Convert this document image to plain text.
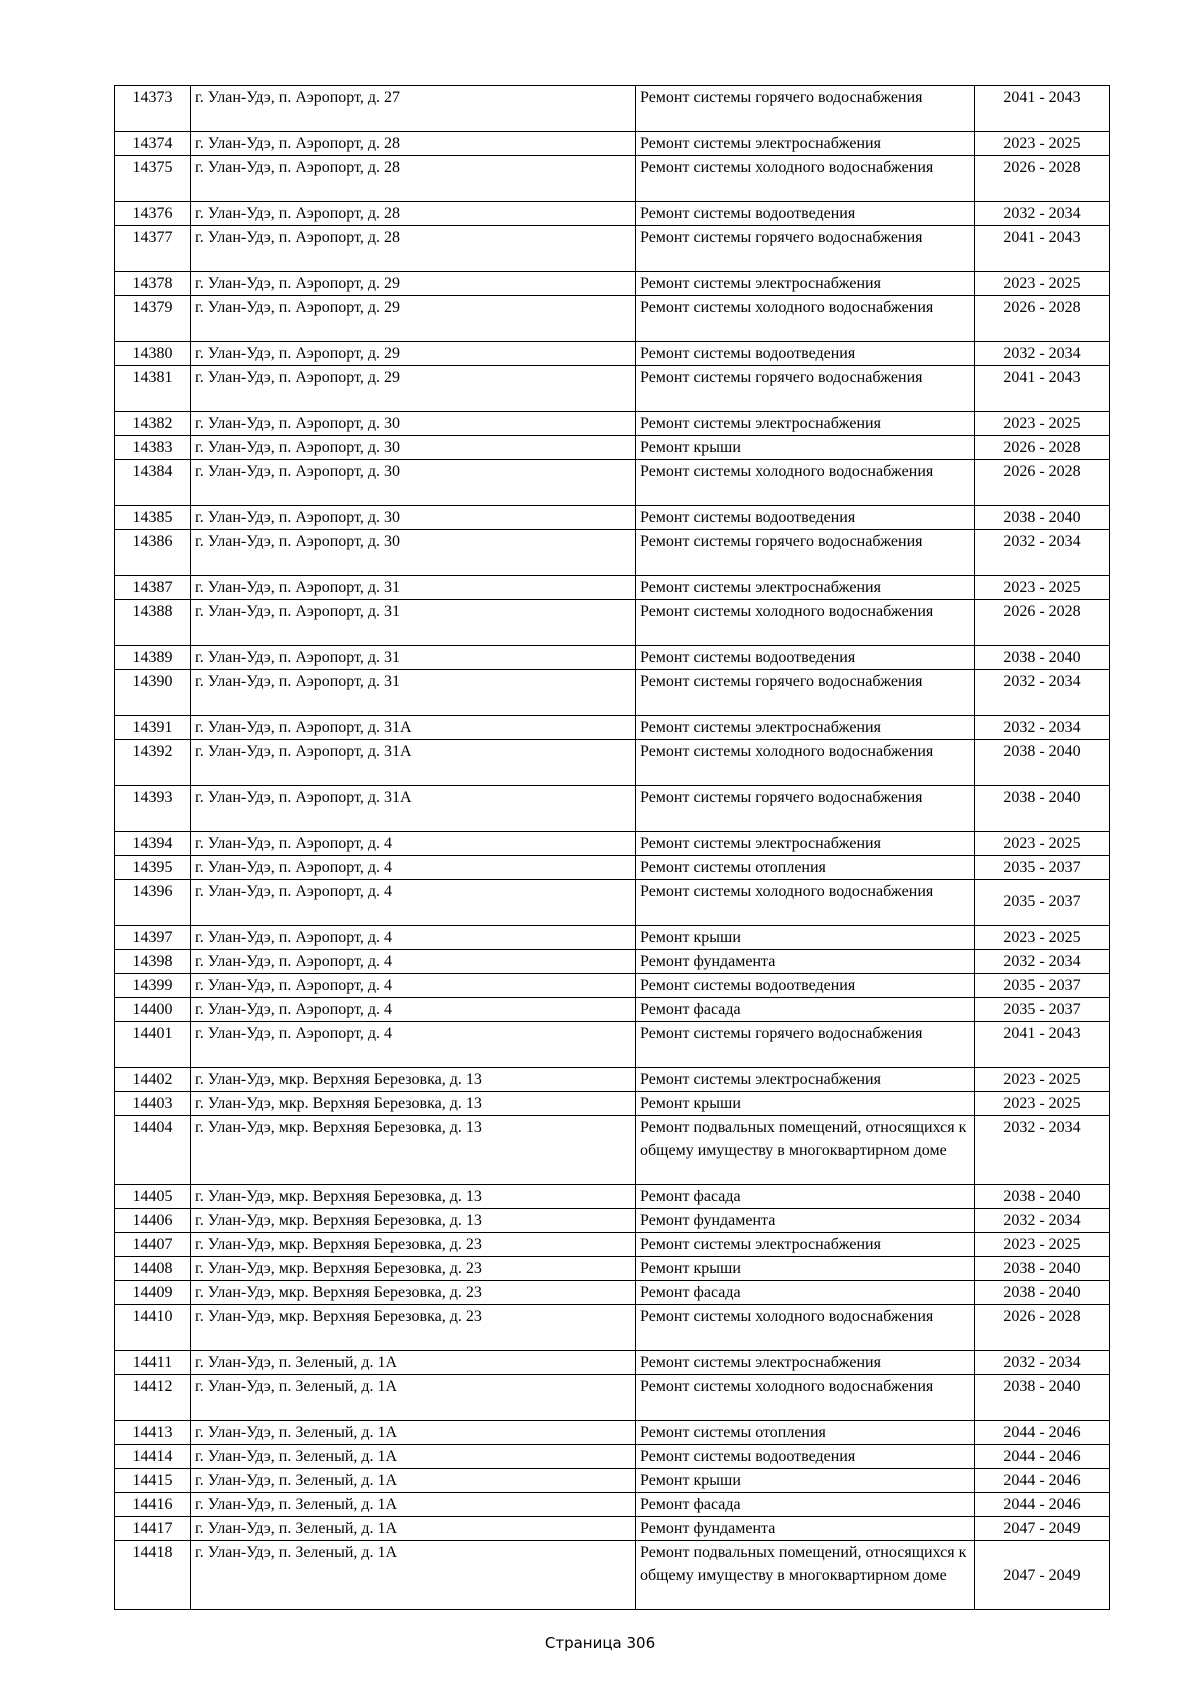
14373	г. Улан-Удэ, п. Аэропорт, д. 27	Ремонт системы горячего водоснабжения	2041 - 2043
14374	г. Улан-Удэ, п. Аэропорт, д. 28	Ремонт системы электроснабжения	2023 - 2025
14375	г. Улан-Удэ, п. Аэропорт, д. 28	Ремонт системы холодного водоснабжения	2026 - 2028
14376	г. Улан-Удэ, п. Аэропорт, д. 28	Ремонт системы водоотведения	2032 - 2034
14377	г. Улан-Удэ, п. Аэропорт, д. 28	Ремонт системы горячего водоснабжения	2041 - 2043
14378	г. Улан-Удэ, п. Аэропорт, д. 29	Ремонт системы электроснабжения	2023 - 2025
14379	г. Улан-Удэ, п. Аэропорт, д. 29	Ремонт системы холодного водоснабжения	2026 - 2028
14380	г. Улан-Удэ, п. Аэропорт, д. 29	Ремонт системы водоотведения	2032 - 2034
14381	г. Улан-Удэ, п. Аэропорт, д. 29	Ремонт системы горячего водоснабжения	2041 - 2043
14382	г. Улан-Удэ, п. Аэропорт, д. 30	Ремонт системы электроснабжения	2023 - 2025
14383	г. Улан-Удэ, п. Аэропорт, д. 30	Ремонт крыши	2026 - 2028
14384	г. Улан-Удэ, п. Аэропорт, д. 30	Ремонт системы холодного водоснабжения	2026 - 2028
14385	г. Улан-Удэ, п. Аэропорт, д. 30	Ремонт системы водоотведения	2038 - 2040
14386	г. Улан-Удэ, п. Аэропорт, д. 30	Ремонт системы горячего водоснабжения	2032 - 2034
14387	г. Улан-Удэ, п. Аэропорт, д. 31	Ремонт системы электроснабжения	2023 - 2025
14388	г. Улан-Удэ, п. Аэропорт, д. 31	Ремонт системы холодного водоснабжения	2026 - 2028
14389	г. Улан-Удэ, п. Аэропорт, д. 31	Ремонт системы водоотведения	2038 - 2040
14390	г. Улан-Удэ, п. Аэропорт, д. 31	Ремонт системы горячего водоснабжения	2032 - 2034
14391	г. Улан-Удэ, п. Аэропорт, д. 31А	Ремонт системы электроснабжения	2032 - 2034
14392	г. Улан-Удэ, п. Аэропорт, д. 31А	Ремонт системы холодного водоснабжения	2038 - 2040
14393	г. Улан-Удэ, п. Аэропорт, д. 31А	Ремонт системы горячего водоснабжения	2038 - 2040
14394	г. Улан-Удэ, п. Аэропорт, д. 4	Ремонт системы электроснабжения	2023 - 2025
14395	г. Улан-Удэ, п. Аэропорт, д. 4	Ремонт системы отопления	2035 - 2037
14396	г. Улан-Удэ, п. Аэропорт, д. 4	Ремонт системы холодного водоснабжения	2035 - 2037
14397	г. Улан-Удэ, п. Аэропорт, д. 4	Ремонт крыши	2023 - 2025
14398	г. Улан-Удэ, п. Аэропорт, д. 4	Ремонт фундамента	2032 - 2034
14399	г. Улан-Удэ, п. Аэропорт, д. 4	Ремонт системы водоотведения	2035 - 2037
14400	г. Улан-Удэ, п. Аэропорт, д. 4	Ремонт фасада	2035 - 2037
14401	г. Улан-Удэ, п. Аэропорт, д. 4	Ремонт системы горячего водоснабжения	2041 - 2043
14402	г. Улан-Удэ, мкр. Верхняя Березовка, д. 13	Ремонт системы электроснабжения	2023 - 2025
14403	г. Улан-Удэ, мкр. Верхняя Березовка, д. 13	Ремонт крыши	2023 - 2025
14404	г. Улан-Удэ, мкр. Верхняя Березовка, д. 13	Ремонт подвальных помещений, относящихся к общему имуществу в многоквартирном доме	2032 - 2034
14405	г. Улан-Удэ, мкр. Верхняя Березовка, д. 13	Ремонт фасада	2038 - 2040
14406	г. Улан-Удэ, мкр. Верхняя Березовка, д. 13	Ремонт фундамента	2032 - 2034
14407	г. Улан-Удэ, мкр. Верхняя Березовка, д. 23	Ремонт системы электроснабжения	2023 - 2025
14408	г. Улан-Удэ, мкр. Верхняя Березовка, д. 23	Ремонт крыши	2038 - 2040
14409	г. Улан-Удэ, мкр. Верхняя Березовка, д. 23	Ремонт фасада	2038 - 2040
14410	г. Улан-Удэ, мкр. Верхняя Березовка, д. 23	Ремонт системы холодного водоснабжения	2026 - 2028
14411	г. Улан-Удэ, п. Зеленый, д. 1А	Ремонт системы электроснабжения	2032 - 2034
14412	г. Улан-Удэ, п. Зеленый, д. 1А	Ремонт системы холодного водоснабжения	2038 - 2040
14413	г. Улан-Удэ, п. Зеленый, д. 1А	Ремонт системы отопления	2044 - 2046
14414	г. Улан-Удэ, п. Зеленый, д. 1А	Ремонт системы водоотведения	2044 - 2046
14415	г. Улан-Удэ, п. Зеленый, д. 1А	Ремонт крыши	2044 - 2046
14416	г. Улан-Удэ, п. Зеленый, д. 1А	Ремонт фасада	2044 - 2046
14417	г. Улан-Удэ, п. Зеленый, д. 1А	Ремонт фундамента	2047 - 2049
14418	г. Улан-Удэ, п. Зеленый, д. 1А	Ремонт подвальных помещений, относящихся к общему имуществу в многоквартирном доме	2047 - 2049
Страница 306
